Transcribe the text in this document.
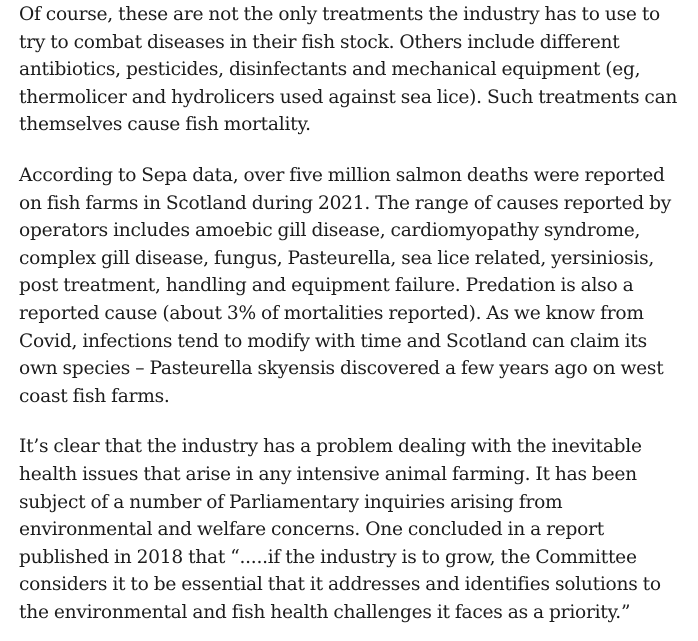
Of course, these are not the only treatments the industry has to use to try to combat diseases in their fish stock. Others include different antibiotics, pesticides, disinfectants and mechanical equipment (eg, thermolicer and hydrolicers used against sea lice). Such treatments can themselves cause fish mortality.

According to Sepa data, over five million salmon deaths were reported on fish farms in Scotland during 2021. The range of causes reported by operators includes amoebic gill disease, cardiomyopathy syndrome, complex gill disease, fungus, Pasteurella, sea lice related, yersiniosis, post treatment, handling and equipment failure. Predation is also a reported cause (about 3% of mortalities reported). As we know from Covid, infections tend to modify with time and Scotland can claim its own species – Pasteurella skyensis discovered a few years ago on west coast fish farms.

It’s clear that the industry has a problem dealing with the inevitable health issues that arise in any intensive animal farming. It has been subject of a number of Parliamentary inquiries arising from environmental and welfare concerns. One concluded in a report published in 2018 that “.....if the industry is to grow, the Committee considers it to be essential that it addresses and identifies solutions to the environmental and fish health challenges it faces as a priority.”
